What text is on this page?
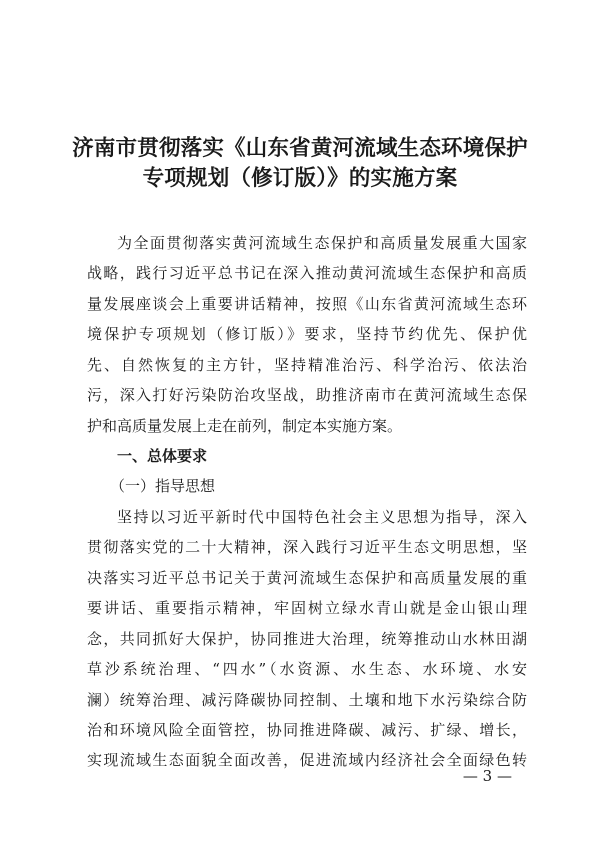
济南市贯彻落实《山东省黄河流域生态环境保护
专项规划（修订版）》的实施方案
为全面贯彻落实黄河流域生态保护和高质量发展重大国家
战略，践行习近平总书记在深入推动黄河流域生态保护和高质
量发展座谈会上重要讲话精神，按照《山东省黄河流域生态环
境保护专项规划（修订版）》要求，坚持节约优先、保护优
先、自然恢复的主方针，坚持精准治污、科学治污、依法治
污，深入打好污染防治攻坚战，助推济南市在黄河流域生态保
护和高质量发展上走在前列，制定本实施方案。
一、总体要求
（一）指导思想
坚持以习近平新时代中国特色社会主义思想为指导，深入
贯彻落实党的二十大精神，深入践行习近平生态文明思想，坚
决落实习近平总书记关于黄河流域生态保护和高质量发展的重
要讲话、重要指示精神，牢固树立绿水青山就是金山银山理
念，共同抓好大保护，协同推进大治理，统筹推动山水林田湖
草沙系统治理、“四水”（水资源、水生态、水环境、水安
澜）统筹治理、减污降碳协同控制、土壤和地下水污染综合防
治和环境风险全面管控，协同推进降碳、减污、扩绿、增长，
实现流域生态面貌全面改善，促进流域内经济社会全面绿色转
— 3 —
